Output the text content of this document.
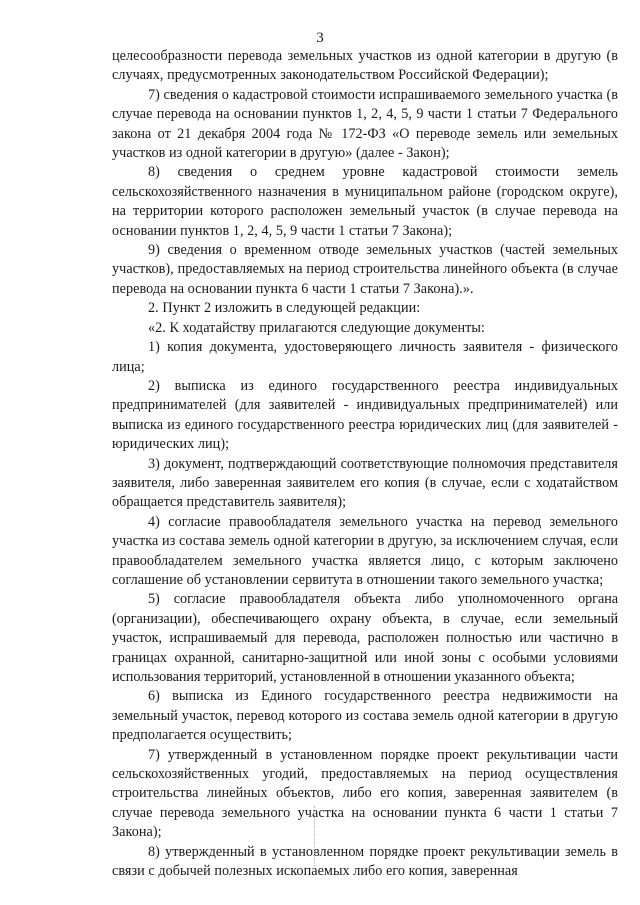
3

целесообразности перевода земельных участков из одной категории в другую (в случаях, предусмотренных законодательством Российской Федерации);

7) сведения о кадастровой стоимости испрашиваемого земельного участка (в случае перевода на основании пунктов 1, 2, 4, 5, 9 части 1 статьи 7 Федерального закона от 21 декабря 2004 года № 172-ФЗ «О переводе земель или земельных участков из одной категории в другую» (далее - Закон);

8) сведения о среднем уровне кадастровой стоимости земель сельскохозяйственного назначения в муниципальном районе (городском округе), на территории которого расположен земельный участок (в случае перевода на основании пунктов 1, 2, 4, 5, 9 части 1 статьи 7 Закона);

9) сведения о временном отводе земельных участков (частей земельных участков), предоставляемых на период строительства линейного объекта (в случае перевода на основании пункта 6 части 1 статьи 7 Закона).».

2. Пункт 2 изложить в следующей редакции:

«2. К ходатайству прилагаются следующие документы:

1) копия документа, удостоверяющего личность заявителя - физического лица;

2) выписка из единого государственного реестра индивидуальных предпринимателей (для заявителей - индивидуальных предпринимателей) или выписка из единого государственного реестра юридических лиц (для заявителей - юридических лиц);

3) документ, подтверждающий соответствующие полномочия представителя заявителя, либо заверенная заявителем его копия (в случае, если с ходатайством обращается представитель заявителя);

4) согласие правообладателя земельного участка на перевод земельного участка из состава земель одной категории в другую, за исключением случая, если правообладателем земельного участка является лицо, с которым заключено соглашение об установлении сервитута в отношении такого земельного участка;

5) согласие правообладателя объекта либо уполномоченного органа (организации), обеспечивающего охрану объекта, в случае, если земельный участок, испрашиваемый для перевода, расположен полностью или частично в границах охранной, санитарно-защитной или иной зоны с особыми условиями использования территорий, установленной в отношении указанного объекта;

6) выписка из Единого государственного реестра недвижимости на земельный участок, перевод которого из состава земель одной категории в другую предполагается осуществить;

7) утвержденный в установленном порядке проект рекультивации части сельскохозяйственных угодий, предоставляемых на период осуществления строительства линейных объектов, либо его копия, заверенная заявителем (в случае перевода земельного участка на основании пункта 6 части 1 статьи 7 Закона);

8) утвержденный в установленном порядке проект рекультивации земель в связи с добычей полезных ископаемых либо его копия, заверенная
